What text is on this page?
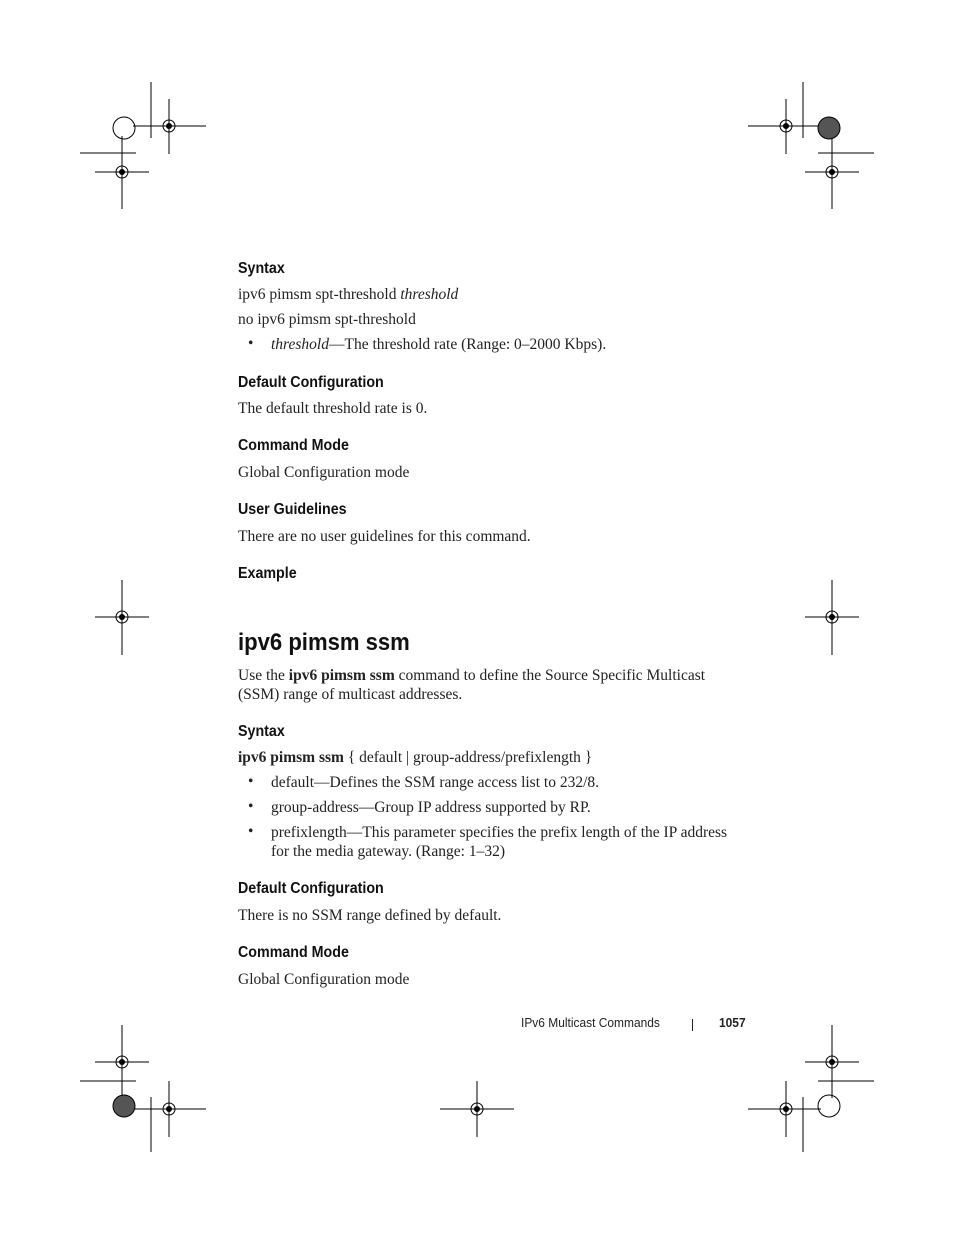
Syntax
ipv6 pimsm spt-threshold threshold
no ipv6 pimsm spt-threshold
• threshold—The threshold rate (Range: 0–2000 Kbps).
Default Configuration
The default threshold rate is 0.
Command Mode
Global Configuration mode
User Guidelines
There are no user guidelines for this command.
Example
ipv6 pimsm ssm
Use the ipv6 pimsm ssm command to define the Source Specific Multicast (SSM) range of multicast addresses.
Syntax
ipv6 pimsm ssm { default | group-address/prefixlength }
• default—Defines the SSM range access list to 232/8.
• group-address—Group IP address supported by RP.
• prefixlength—This parameter specifies the prefix length of the IP address for the media gateway. (Range: 1–32)
Default Configuration
There is no SSM range defined by default.
Command Mode
Global Configuration mode
IPv6 Multicast Commands	1057
